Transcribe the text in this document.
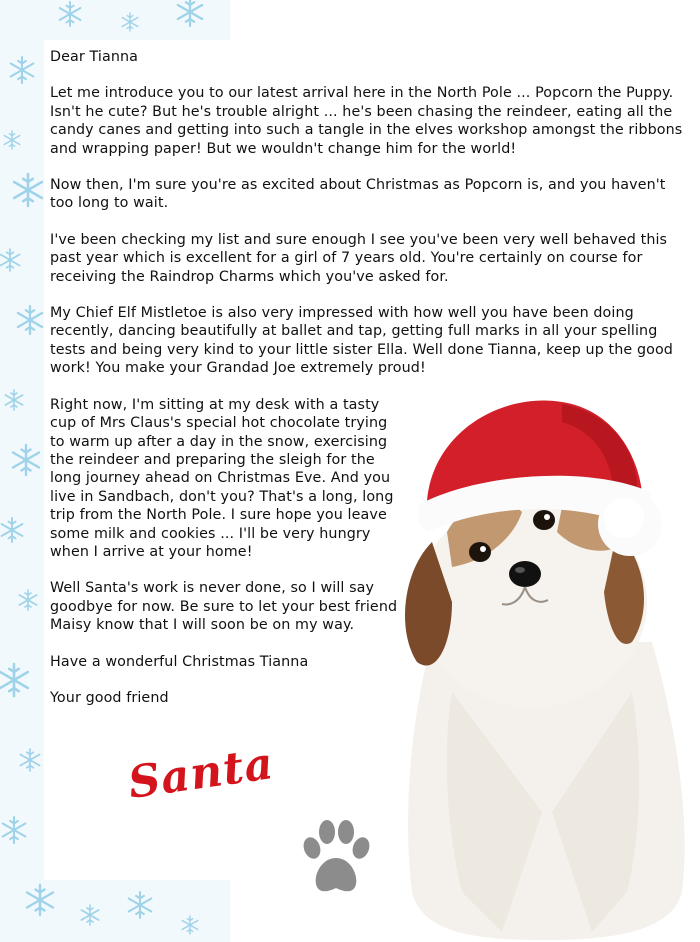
Dear Tianna

Let me introduce you to our latest arrival here in the North Pole ... Popcorn the Puppy. Isn't he cute? But he's trouble alright ... he's been chasing the reindeer, eating all the candy canes and getting into such a tangle in the elves workshop amongst the ribbons and wrapping paper! But we wouldn't change him for the world!

Now then, I'm sure you're as excited about Christmas as Popcorn is, and you haven't too long to wait.

I've been checking my list and sure enough I see you've been very well behaved this past year which is excellent for a girl of 7 years old. You're certainly on course for receiving the Raindrop Charms which you've asked for.

My Chief Elf Mistletoe is also very impressed with how well you have been doing recently, dancing beautifully at ballet and tap, getting full marks in all your spelling tests and being very kind to your little sister Ella. Well done Tianna, keep up the good work! You make your Grandad Joe extremely proud!

Right now, I'm sitting at my desk with a tasty cup of Mrs Claus's special hot chocolate trying to warm up after a day in the snow, exercising the reindeer and preparing the sleigh for the long journey ahead on Christmas Eve. And you live in Sandbach, don't you? That's a long, long trip from the North Pole. I sure hope you leave some milk and cookies ... I'll be very hungry when I arrive at your home!

Well Santa's work is never done, so I will say goodbye for now. Be sure to let your best friend Maisy know that I will soon be on my way.

Have a wonderful Christmas Tianna

Your good friend

Santa
